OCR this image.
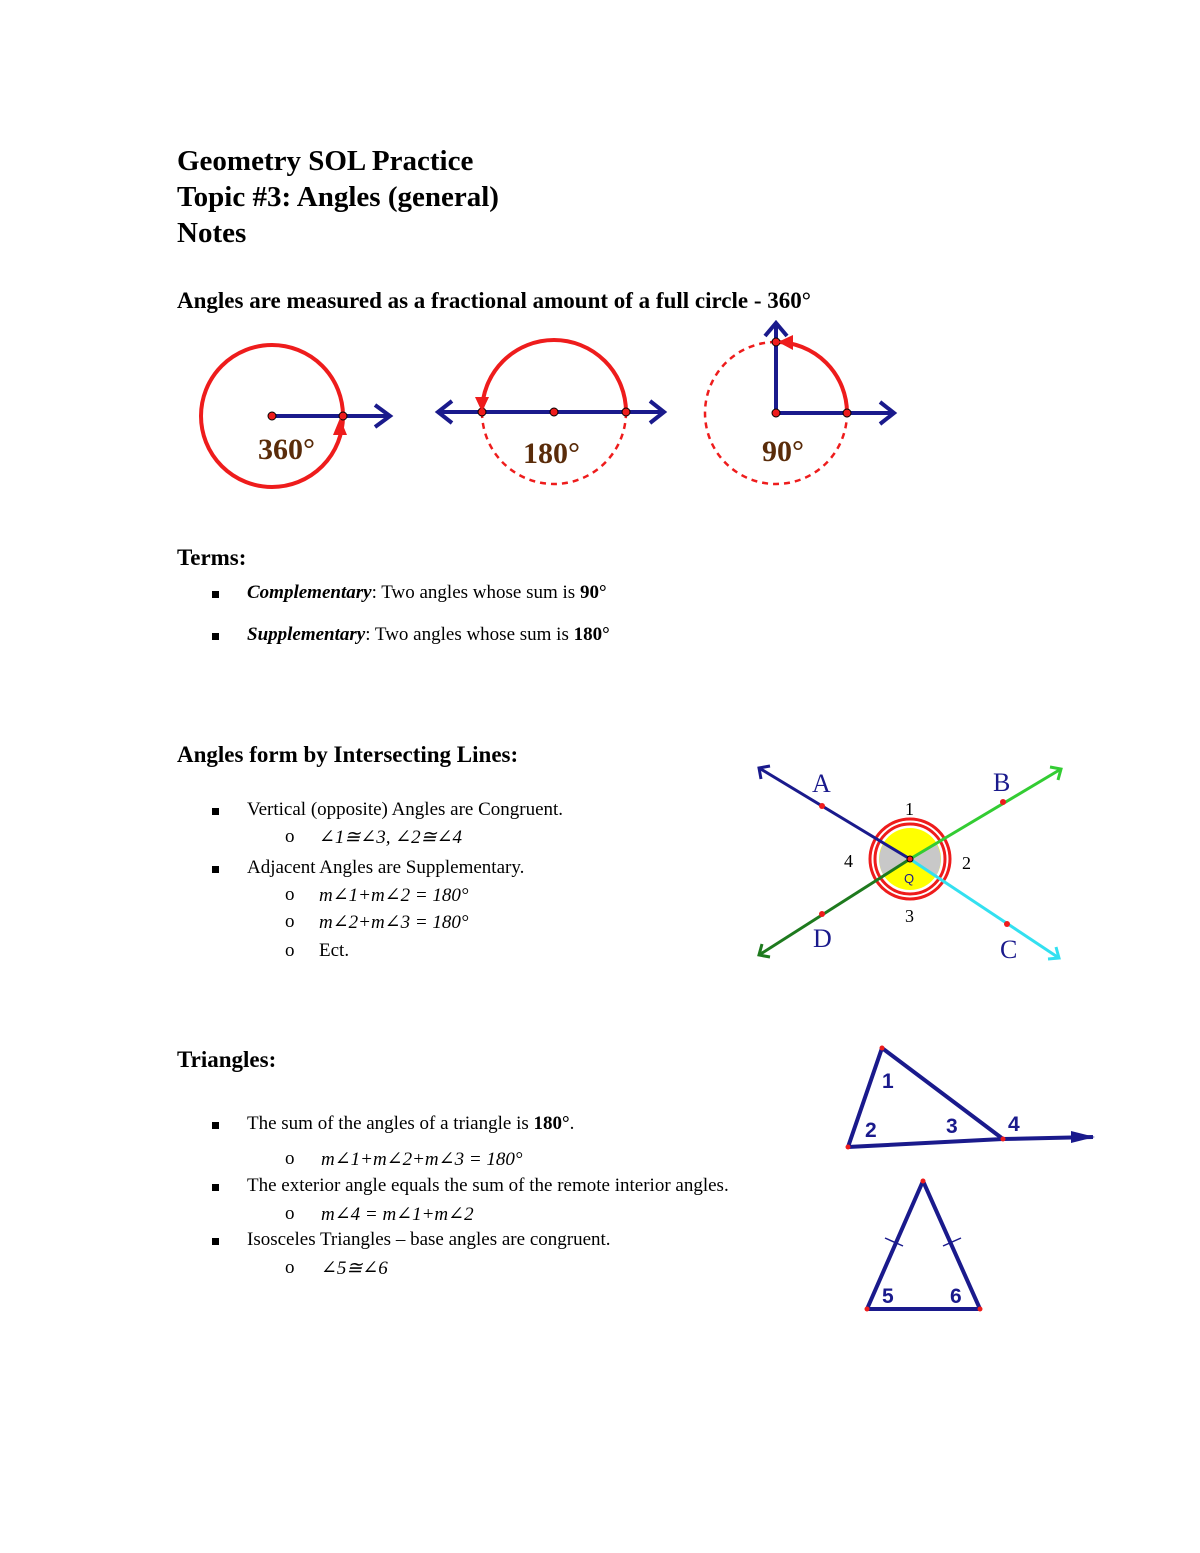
Geometry SOL Practice
Topic #3: Angles (general)
Notes
Angles are measured as a fractional amount of a full circle - 360°
360°	180°	90°
Terms:
Complementary: Two angles whose sum is 90°
Supplementary: Two angles whose sum is 180°
Angles form by Intersecting Lines:
Vertical (opposite) Angles are Congruent.
o ∠1≅∠3, ∠2≅∠4
Adjacent Angles are Supplementary.
o m∠1+m∠2 = 180°
o m∠2+m∠3 = 180°
o Ect.
A	B
C
D
1
2
3
4
Q
Triangles:
The sum of the angles of a triangle is 180°.
o m∠1+m∠2+m∠3 = 180°
The exterior angle equals the sum of the remote interior angles.
o m∠4 = m∠1+m∠2
Isosceles Triangles – base angles are congruent.
o ∠5≅∠6
1
2	3 4
5	6
